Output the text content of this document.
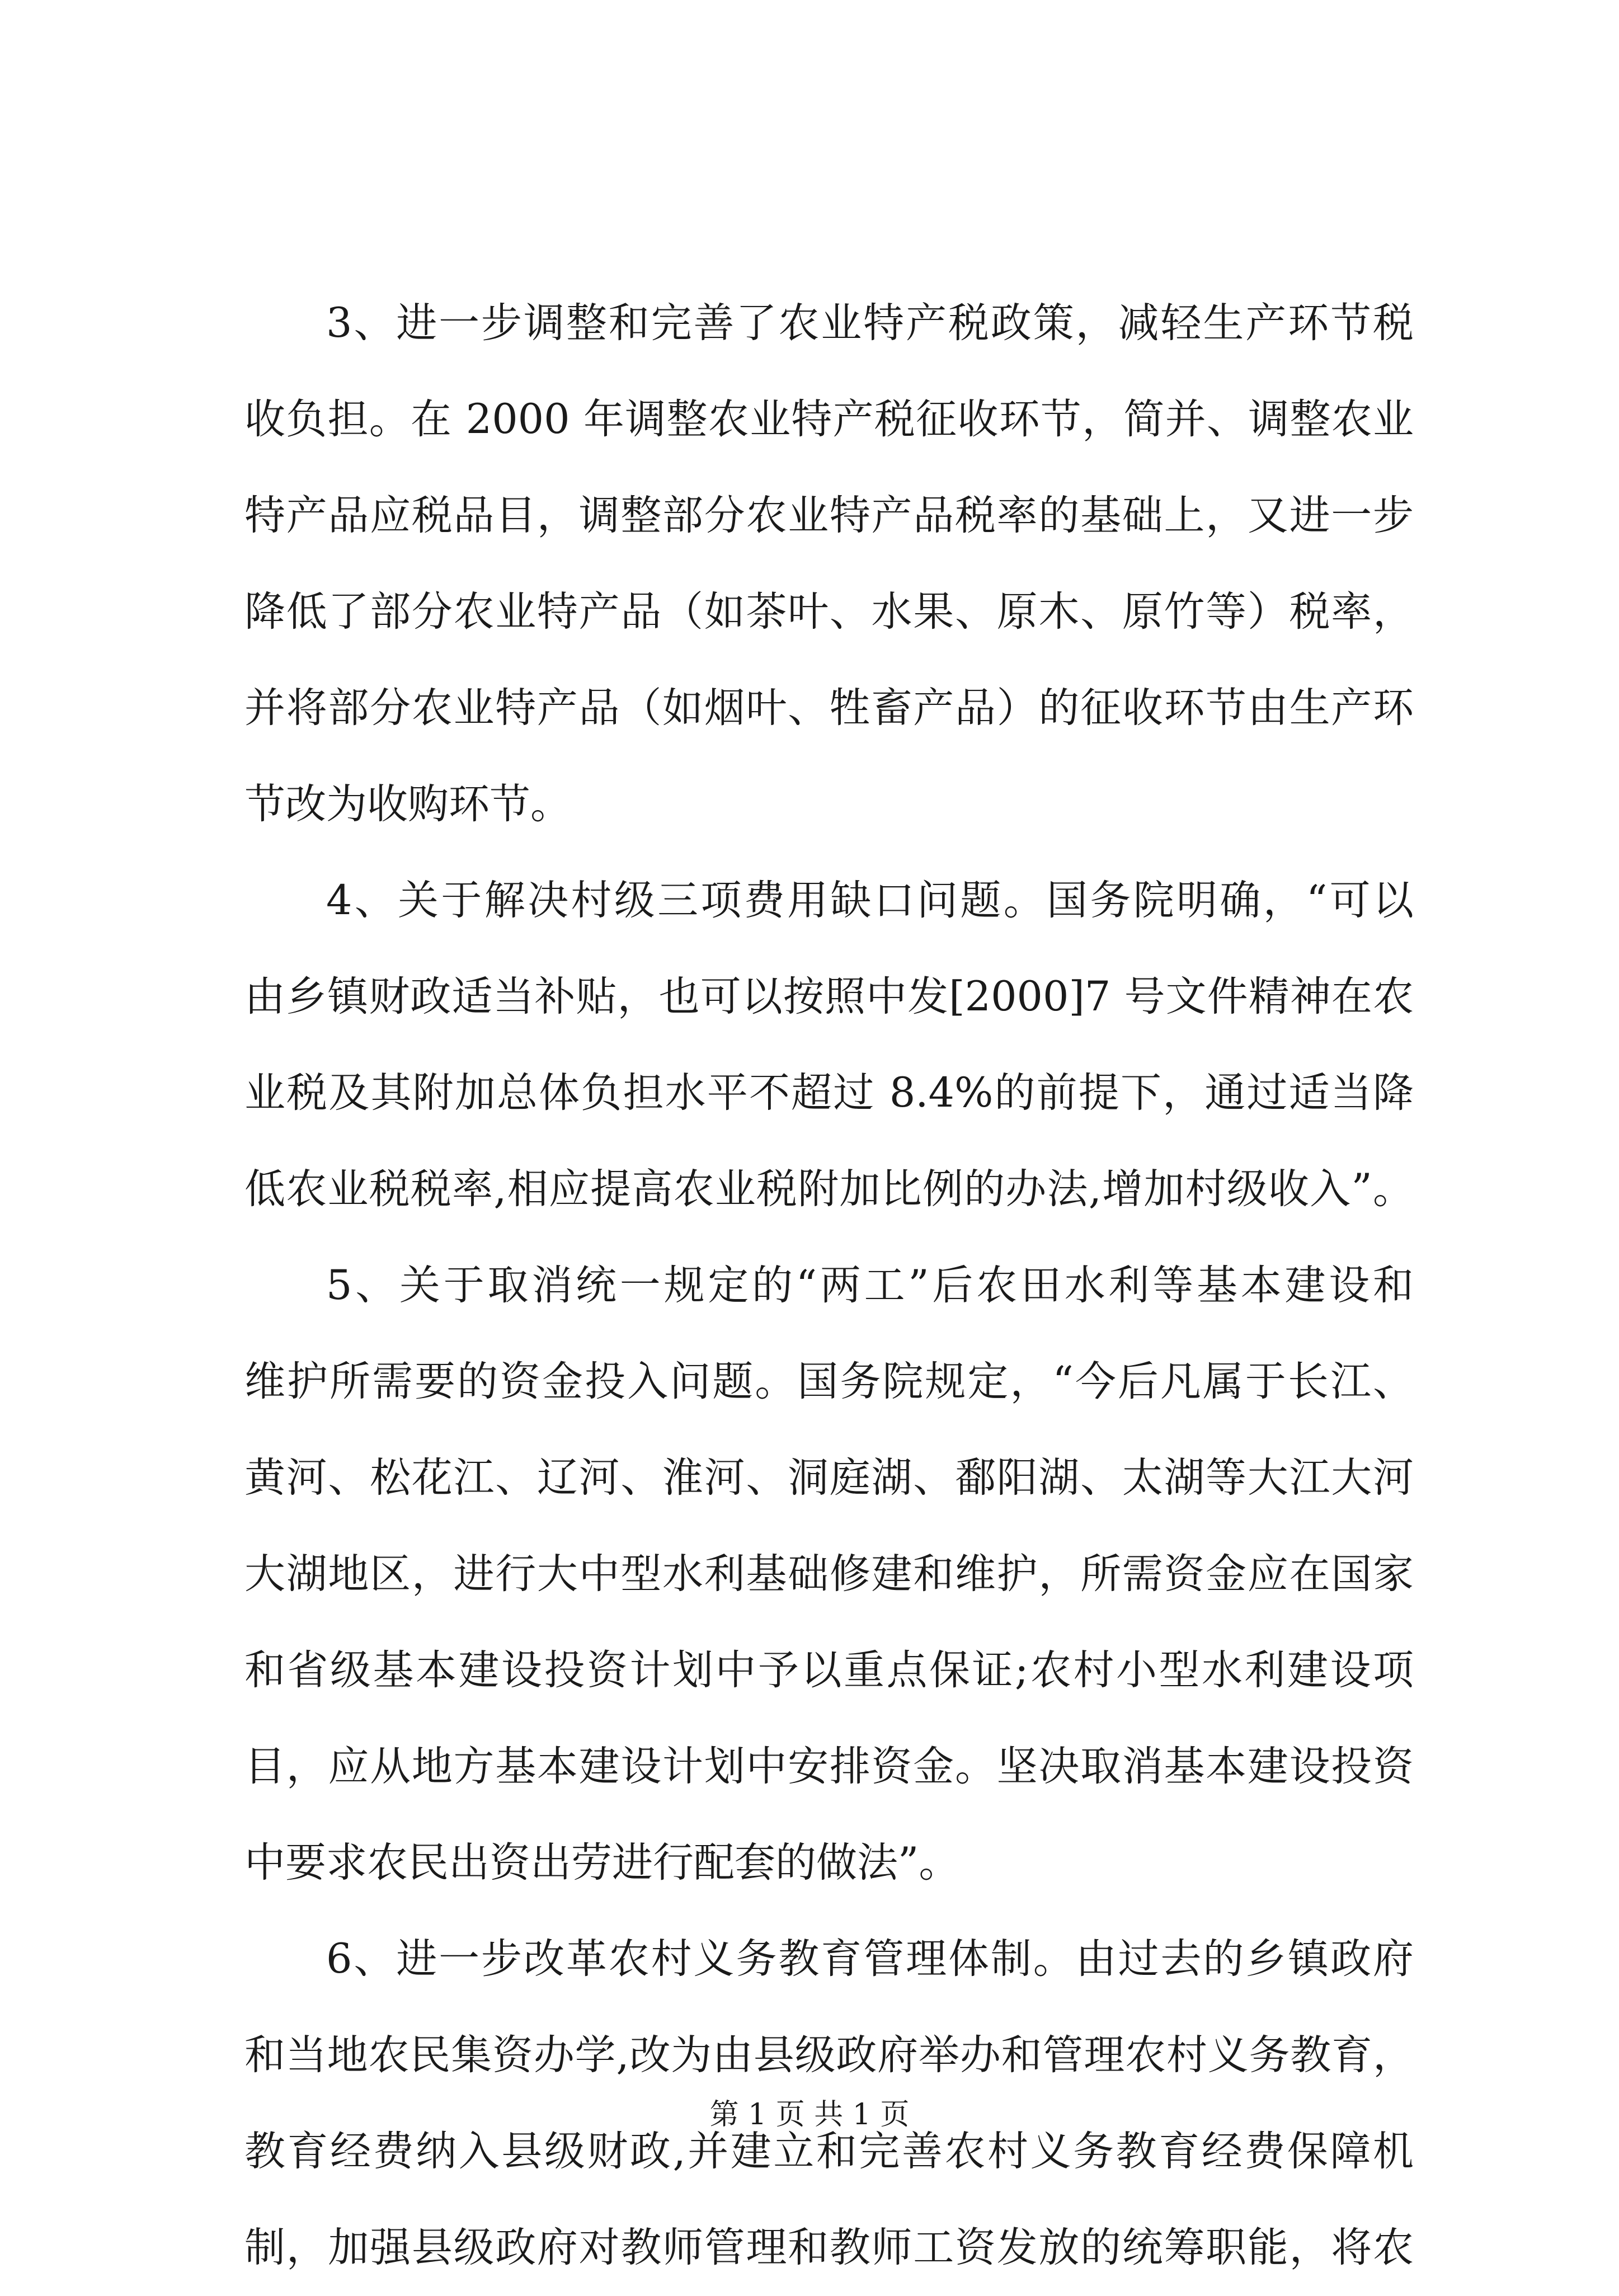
3、进一步调整和完善了农业特产税政策，减轻生产环节税
收负担。在 2000 年调整农业特产税征收环节，简并、调整农业
特产品应税品目，调整部分农业特产品税率的基础上，又进一步
降低了部分农业特产品（如茶叶、水果、原木、原竹等）税率，
并将部分农业特产品（如烟叶、牲畜产品）的征收环节由生产环
节改为收购环节。
4、关于解决村级三项费用缺口问题。国务院明确，“可以
由乡镇财政适当补贴，也可以按照中发[2000]7 号文件精神在农
业税及其附加总体负担水平不超过 8.4%的前提下，通过适当降
低农业税税率,相应提高农业税附加比例的办法,增加村级收入”。
5、关于取消统一规定的“两工”后农田水利等基本建设和
维护所需要的资金投入问题。国务院规定，“今后凡属于长江、
黄河、松花江、辽河、淮河、洞庭湖、鄱阳湖、太湖等大江大河
大湖地区，进行大中型水利基础修建和维护，所需资金应在国家
和省级基本建设投资计划中予以重点保证;农村小型水利建设项
目，应从地方基本建设计划中安排资金。坚决取消基本建设投资
中要求农民出资出劳进行配套的做法”。
6、进一步改革农村义务教育管理体制。由过去的乡镇政府
和当地农民集资办学,改为由县级政府举办和管理农村义务教育，
教育经费纳入县级财政,并建立和完善农村义务教育经费保障机
制，加强县级政府对教师管理和教师工资发放的统筹职能，将农
第 1 页 共 1 页
